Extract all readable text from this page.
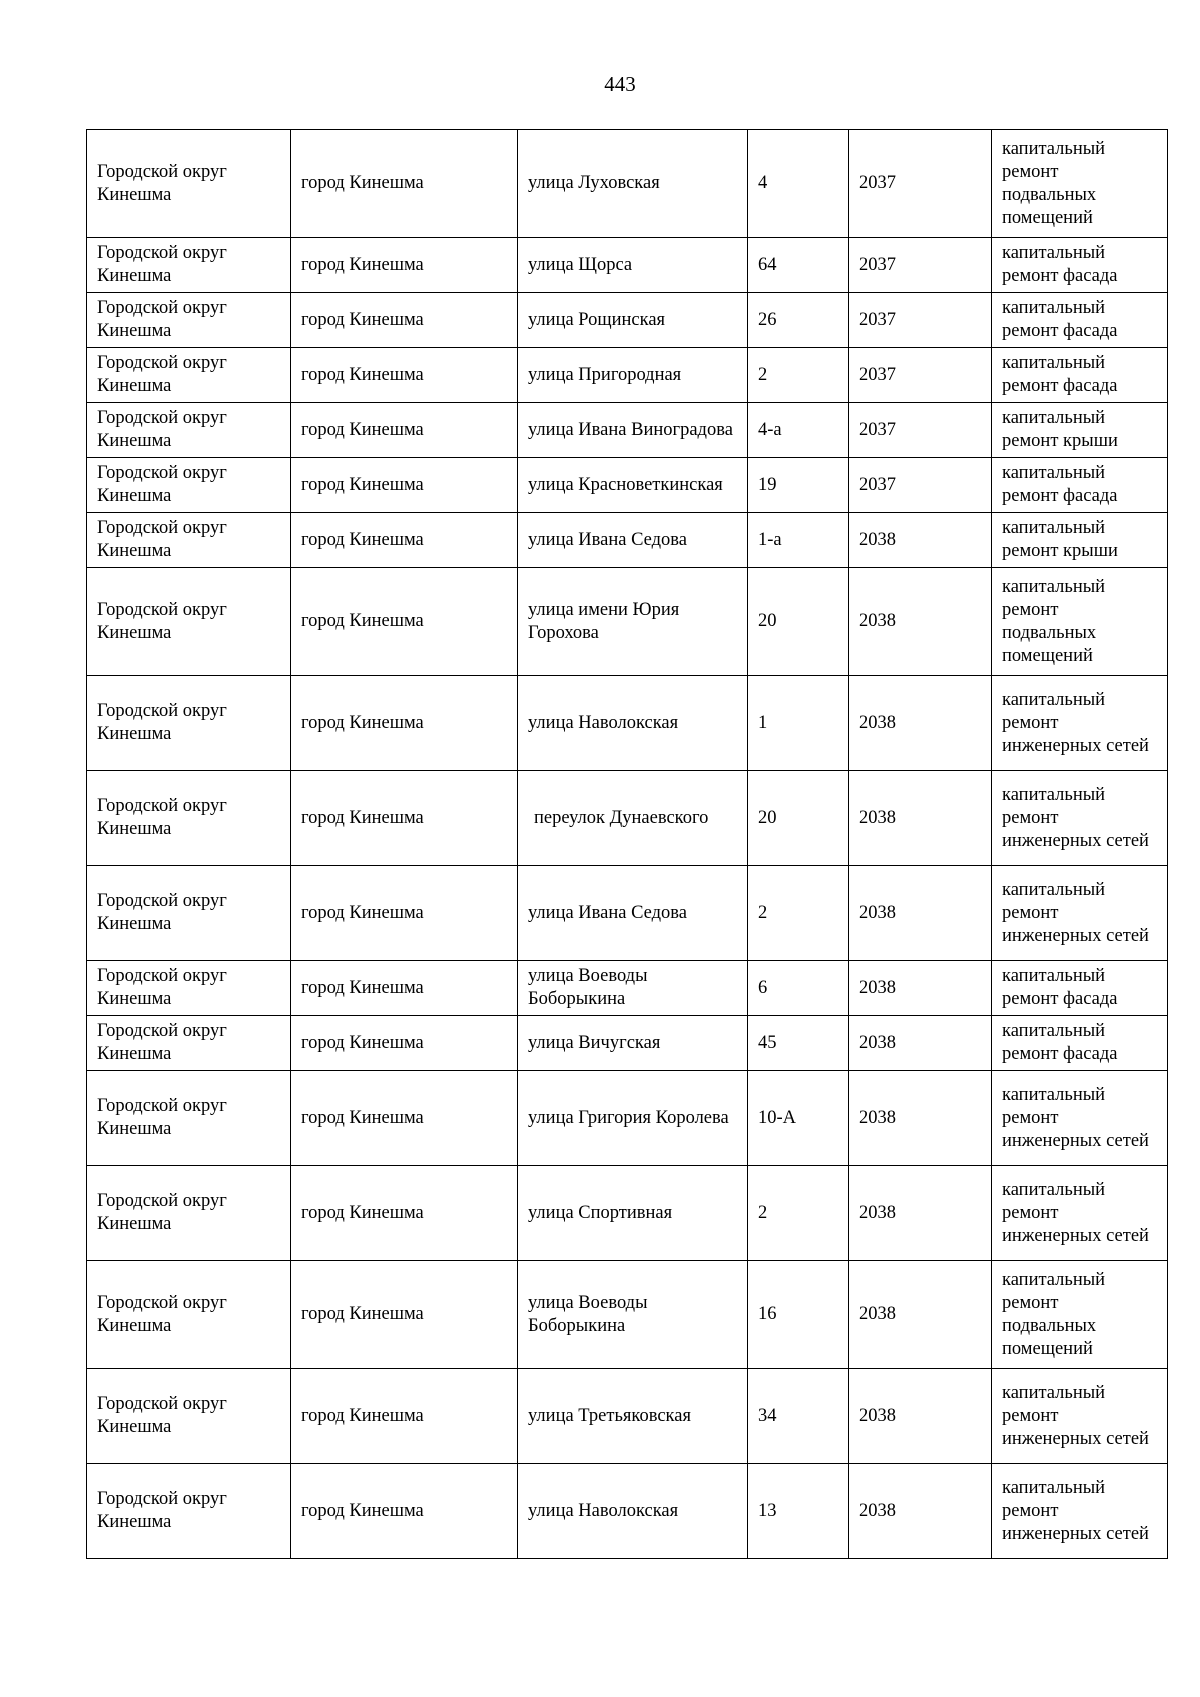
443
Городской округ Кинешма	город Кинешма	улица Луховская	4	2037	капитальный ремонт подвальных помещений
Городской округ Кинешма	город Кинешма	улица Щорса	64	2037	капитальный ремонт фасада
Городской округ Кинешма	город Кинешма	улица Рощинская	26	2037	капитальный ремонт фасада
Городской округ Кинешма	город Кинешма	улица Пригородная	2	2037	капитальный ремонт фасада
Городской округ Кинешма	город Кинешма	улица Ивана Виноградова	4-а	2037	капитальный ремонт крыши
Городской округ Кинешма	город Кинешма	улица Красноветкинская	19	2037	капитальный ремонт фасада
Городской округ Кинешма	город Кинешма	улица Ивана Седова	1-а	2038	капитальный ремонт крыши
Городской округ Кинешма	город Кинешма	улица имени Юрия Горохова	20	2038	капитальный ремонт подвальных помещений
Городской округ Кинешма	город Кинешма	улица Наволокская	1	2038	капитальный ремонт инженерных сетей
Городской округ Кинешма	город Кинешма	переулок Дунаевского	20	2038	капитальный ремонт инженерных сетей
Городской округ Кинешма	город Кинешма	улица Ивана Седова	2	2038	капитальный ремонт инженерных сетей
Городской округ Кинешма	город Кинешма	улица Воеводы Боборыкина	6	2038	капитальный ремонт фасада
Городской округ Кинешма	город Кинешма	улица Вичугская	45	2038	капитальный ремонт фасада
Городской округ Кинешма	город Кинешма	улица Григория Королева	10-А	2038	капитальный ремонт инженерных сетей
Городской округ Кинешма	город Кинешма	улица Спортивная	2	2038	капитальный ремонт инженерных сетей
Городской округ Кинешма	город Кинешма	улица Воеводы Боборыкина	16	2038	капитальный ремонт подвальных помещений
Городской округ Кинешма	город Кинешма	улица Третьяковская	34	2038	капитальный ремонт инженерных сетей
Городской округ Кинешма	город Кинешма	улица Наволокская	13	2038	капитальный ремонт инженерных сетей
